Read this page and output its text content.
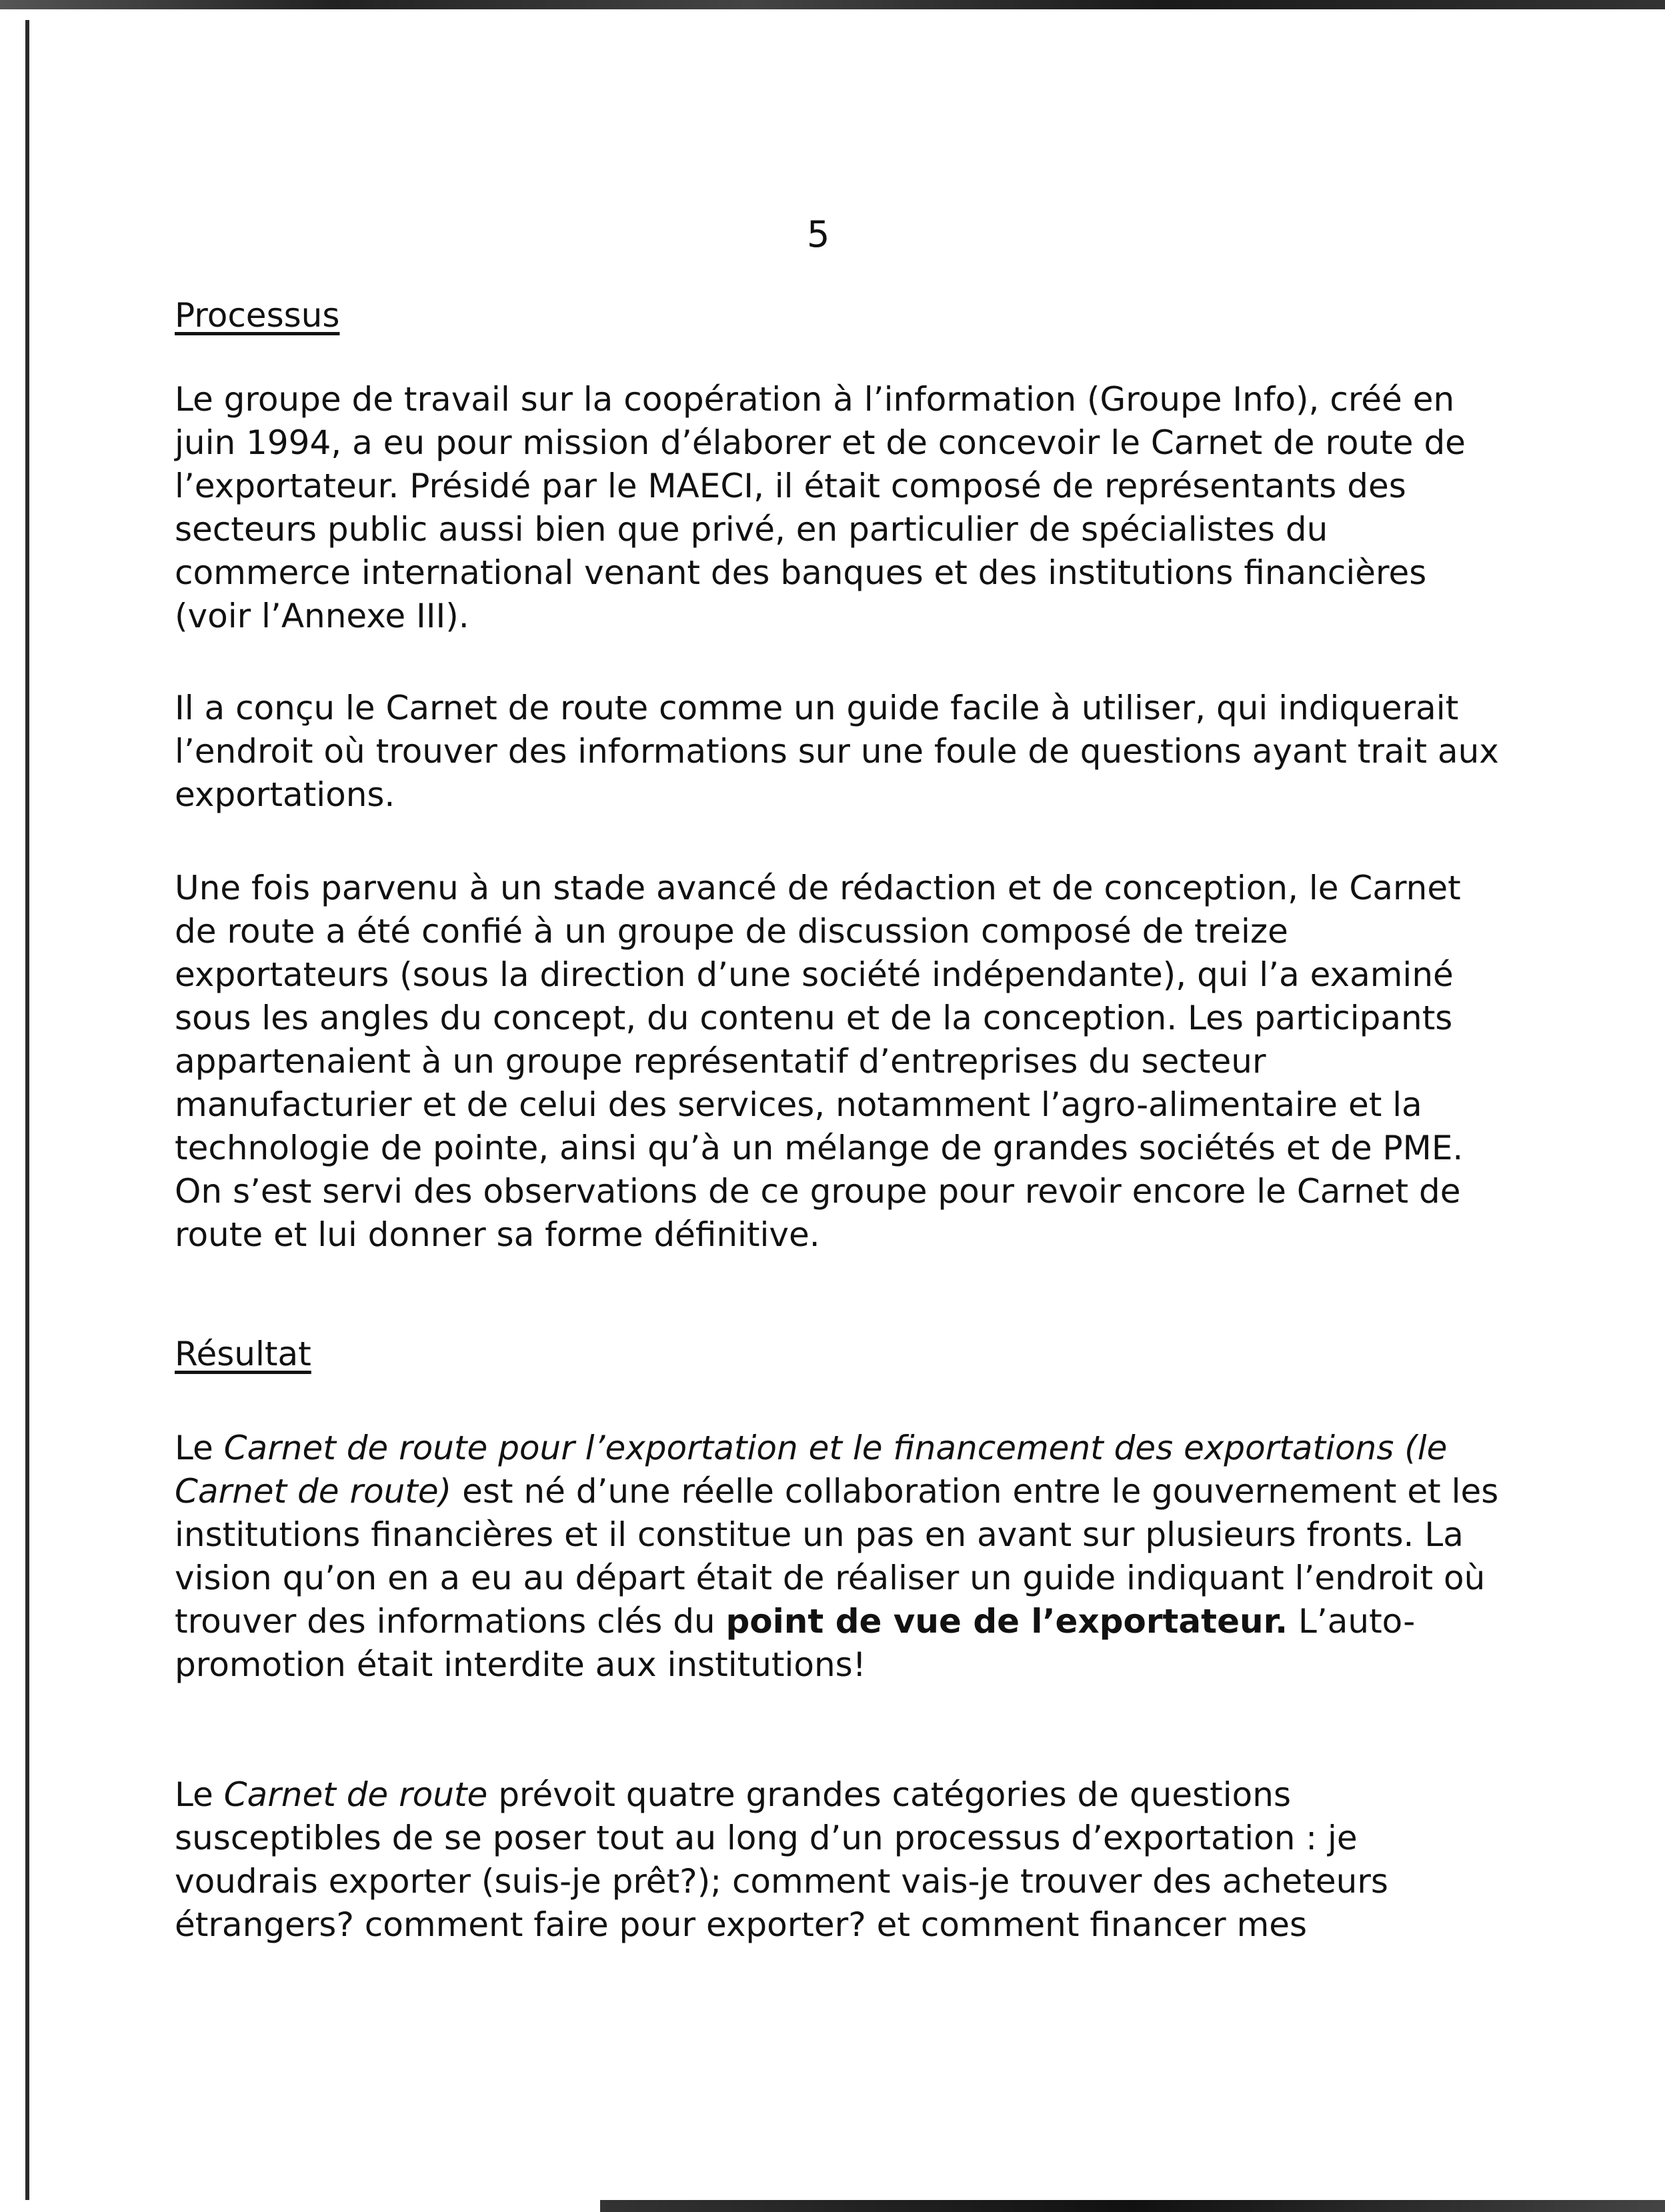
5
Processus

Le groupe de travail sur la coopération à l’information (Groupe Info), créé en juin 1994, a eu pour mission d’élaborer et de concevoir le Carnet de route de l’exportateur. Présidé par le MAECI, il était composé de représentants des secteurs public aussi bien que privé, en particulier de spécialistes du commerce international venant des banques et des institutions financières (voir l’Annexe III).

Il a conçu le Carnet de route comme un guide facile à utiliser, qui indiquerait l’endroit où trouver des informations sur une foule de questions ayant trait aux exportations.

Une fois parvenu à un stade avancé de rédaction et de conception, le Carnet de route a été confié à un groupe de discussion composé de treize exportateurs (sous la direction d’une société indépendante), qui l’a examiné sous les angles du concept, du contenu et de la conception. Les participants appartenaient à un groupe représentatif d’entreprises du secteur manufacturier et de celui des services, notamment l’agro-alimentaire et la technologie de pointe, ainsi qu’à un mélange de grandes sociétés et de PME. On s’est servi des observations de ce groupe pour revoir encore le Carnet de route et lui donner sa forme définitive.

Résultat

Le Carnet de route pour l’exportation et le financement des exportations (le Carnet de route) est né d’une réelle collaboration entre le gouvernement et les institutions financières et il constitue un pas en avant sur plusieurs fronts. La vision qu’on en a eu au départ était de réaliser un guide indiquant l’endroit où trouver des informations clés du point de vue de l’exportateur. L’auto-promotion était interdite aux institutions!

Le Carnet de route prévoit quatre grandes catégories de questions susceptibles de se poser tout au long d’un processus d’exportation : je voudrais exporter (suis-je prêt?); comment vais-je trouver des acheteurs étrangers? comment faire pour exporter? et comment financer mes
